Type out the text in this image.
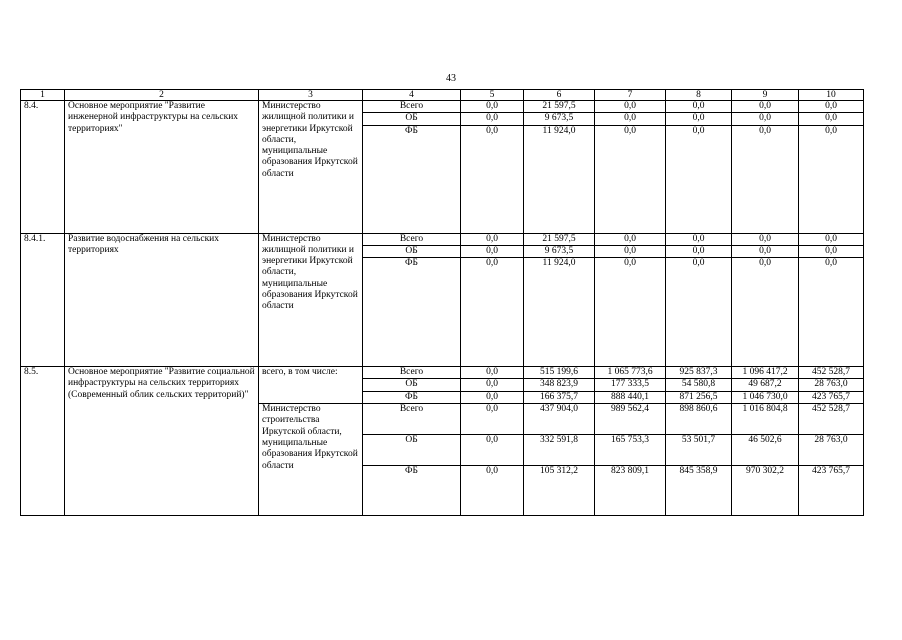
43
1	2	3	4	5	6	7	8	9	10
8.4.	Основное мероприятие "Развитие инженерной инфраструктуры на сельских территориях"	Министерство жилищной политики и энергетики Иркутской области, муниципальные образования Иркутской области	Всего	0,0	21 597,5	0,0	0,0	0,0	0,0
			ОБ	0,0	9 673,5	0,0	0,0	0,0	0,0
			ФБ	0,0	11 924,0	0,0	0,0	0,0	0,0
8.4.1.	Развитие водоснабжения на сельских территориях	Министерство жилищной политики и энергетики Иркутской области, муниципальные образования Иркутской области	Всего	0,0	21 597,5	0,0	0,0	0,0	0,0
			ОБ	0,0	9 673,5	0,0	0,0	0,0	0,0
			ФБ	0,0	11 924,0	0,0	0,0	0,0	0,0
8.5.	Основное мероприятие "Развитие социальной инфраструктуры на сельских территориях (Современный облик сельских территорий)"	всего, в том числе:	Всего	0,0	515 199,6	1 065 773,6	925 837,3	1 096 417,2	452 528,7
			ОБ	0,0	348 823,9	177 333,5	54 580,8	49 687,2	28 763,0
			ФБ	0,0	166 375,7	888 440,1	871 256,5	1 046 730,0	423 765,7
		Министерство строительства Иркутской области, муниципальные образования Иркутской области	Всего	0,0	437 904,0	989 562,4	898 860,6	1 016 804,8	452 528,7
			ОБ	0,0	332 591,8	165 753,3	53 501,7	46 502,6	28 763,0
			ФБ	0,0	105 312,2	823 809,1	845 358,9	970 302,2	423 765,7
